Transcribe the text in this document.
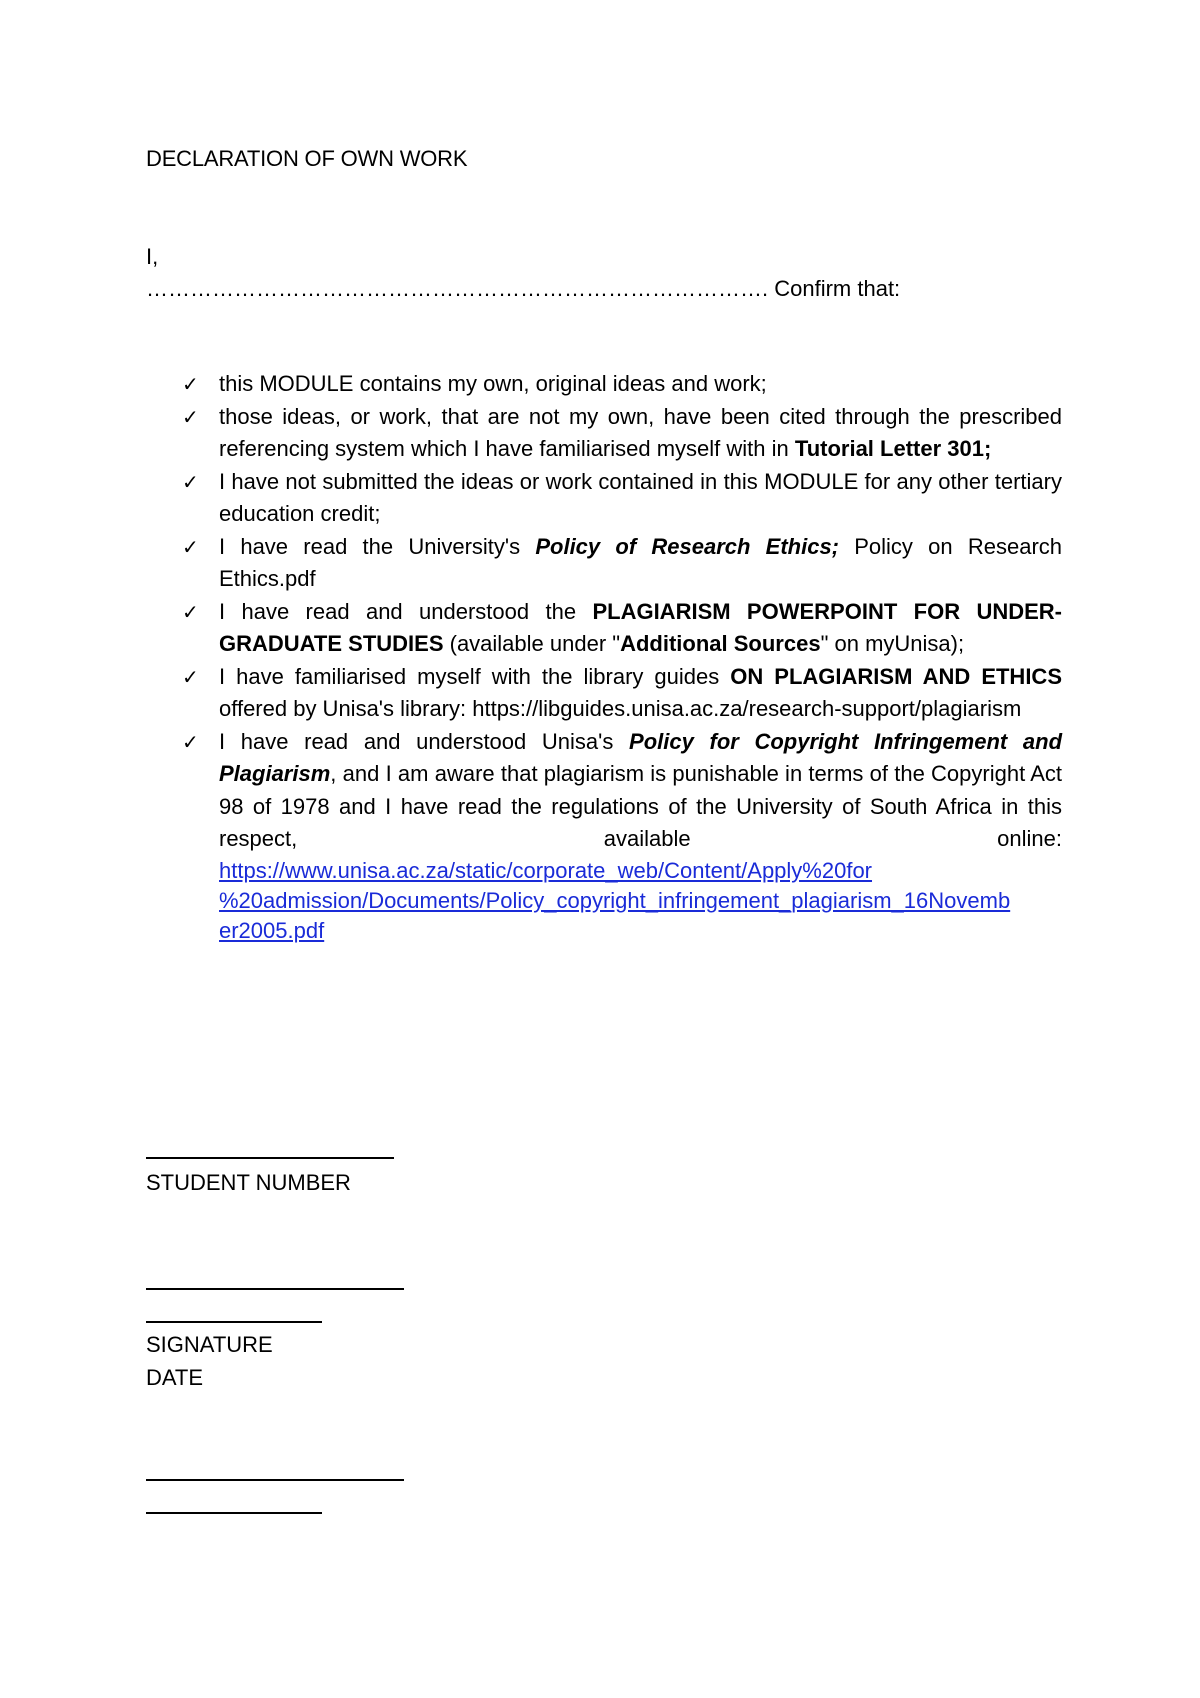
DECLARATION OF OWN WORK
I,
…………………………………………………………………………. Confirm that:
✓ this MODULE contains my own, original ideas and work;
✓ those ideas, or work, that are not my own, have been cited through the prescribed referencing system which I have familiarised myself with in Tutorial Letter 301;
✓ I have not submitted the ideas or work contained in this MODULE for any other tertiary education credit;
✓ I have read the University's Policy of Research Ethics; Policy on Research Ethics.pdf
✓ I have read and understood the PLAGIARISM POWERPOINT FOR UNDER-GRADUATE STUDIES (available under "Additional Sources" on myUnisa);
✓ I have familiarised myself with the library guides ON PLAGIARISM AND ETHICS offered by Unisa's library: https://libguides.unisa.ac.za/research-support/plagiarism
✓ I have read and understood Unisa's Policy for Copyright Infringement and Plagiarism, and I am aware that plagiarism is punishable in terms of the Copyright Act 98 of 1978 and I have read the regulations of the University of South Africa in this respect, available online:
https://www.unisa.ac.za/static/corporate_web/Content/Apply%20for
%20admission/Documents/Policy_copyright_infringement_plagiarism_16Novemb
er2005.pdf

STUDENT NUMBER
SIGNATURE
DATE
